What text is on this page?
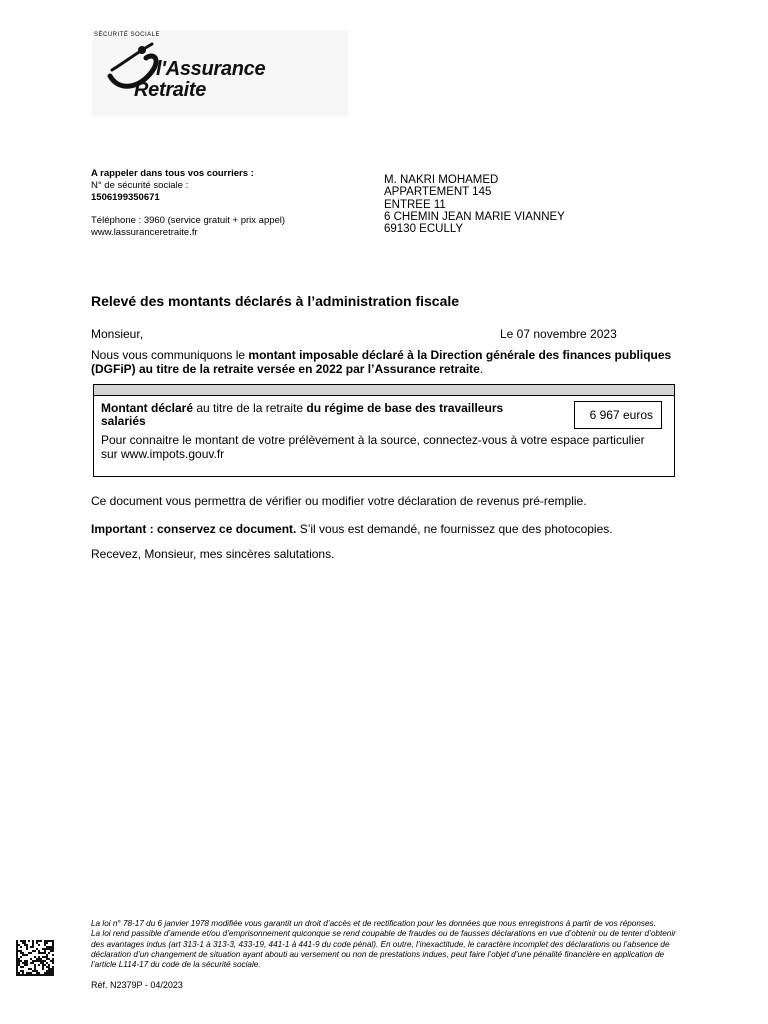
SÉCURITÉ SOCIALE
l'Assurance
Retraite
A rappeler dans tous vos courriers :
N° de sécurité sociale :
1506199350671
Téléphone : 3960 (service gratuit + prix appel)
www.lassuranceretraite.fr
M. NAKRI MOHAMED
APPARTEMENT 145
ENTREE 11
6 CHEMIN JEAN MARIE VIANNEY
69130 ECULLY
Relevé des montants déclarés à l’administration fiscale
Monsieur,	Le 07 novembre 2023
Nous vous communiquons le montant imposable déclaré à la Direction générale des finances publiques (DGFiP) au titre de la retraite versée en 2022 par l’Assurance retraite.
Montant déclaré au titre de la retraite du régime de base des travailleurs salariés	6 967 euros
Pour connaitre le montant de votre prélèvement à la source, connectez-vous à votre espace particulier sur www.impots.gouv.fr
Ce document vous permettra de vérifier ou modifier votre déclaration de revenus pré-remplie.
Important : conservez ce document. S’il vous est demandé, ne fournissez que des photocopies.
Recevez, Monsieur, mes sincères salutations.
La loi n° 78-17 du 6 janvier 1978 modifiée vous garantit un droit d’accès et de rectification pour les données que nous enregistrons à partir de vos réponses.
La loi rend passible d’amende et/ou d’emprisonnement quiconque se rend coupable de fraudes ou de fausses déclarations en vue d’obtenir ou de tenter d’obtenir des avantages indus (art 313-1 à 313-3, 433-19, 441-1 à 441-9 du code pénal). En outre, l’inexactitude, le caractère incomplet des déclarations ou l’absence de déclaration d’un changement de situation ayant abouti au versement ou non de prestations indues, peut faire l’objet d’une pénalité financière en application de l’article L114-17 du code de la sécurité sociale.
Réf. N2379P - 04/2023
